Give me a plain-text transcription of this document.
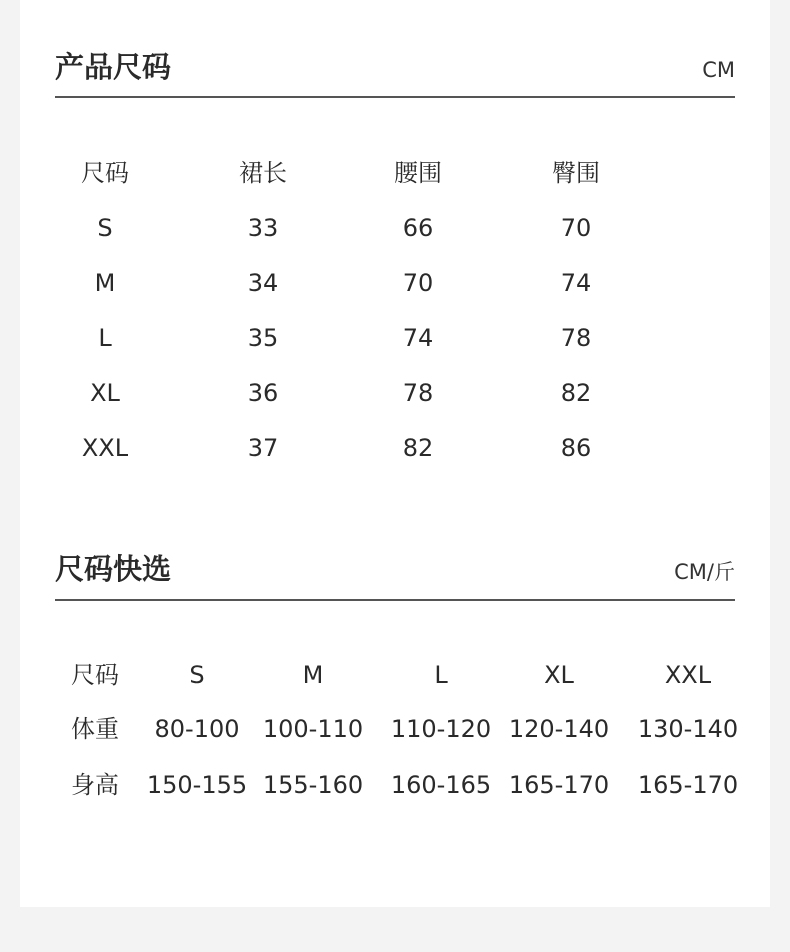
产品尺码	CM
尺码	裙长	腰围	臀围
S	33	66	70
M	34	70	74
L	35	74	78
XL	36	78	82
XXL	37	82	86
尺码快选	CM/斤
尺码	S	M	L	XL	XXL
体重 80-100 100-110 110-120 120-140 130-140
身高 150-155 155-160 160-165 165-170 165-170
